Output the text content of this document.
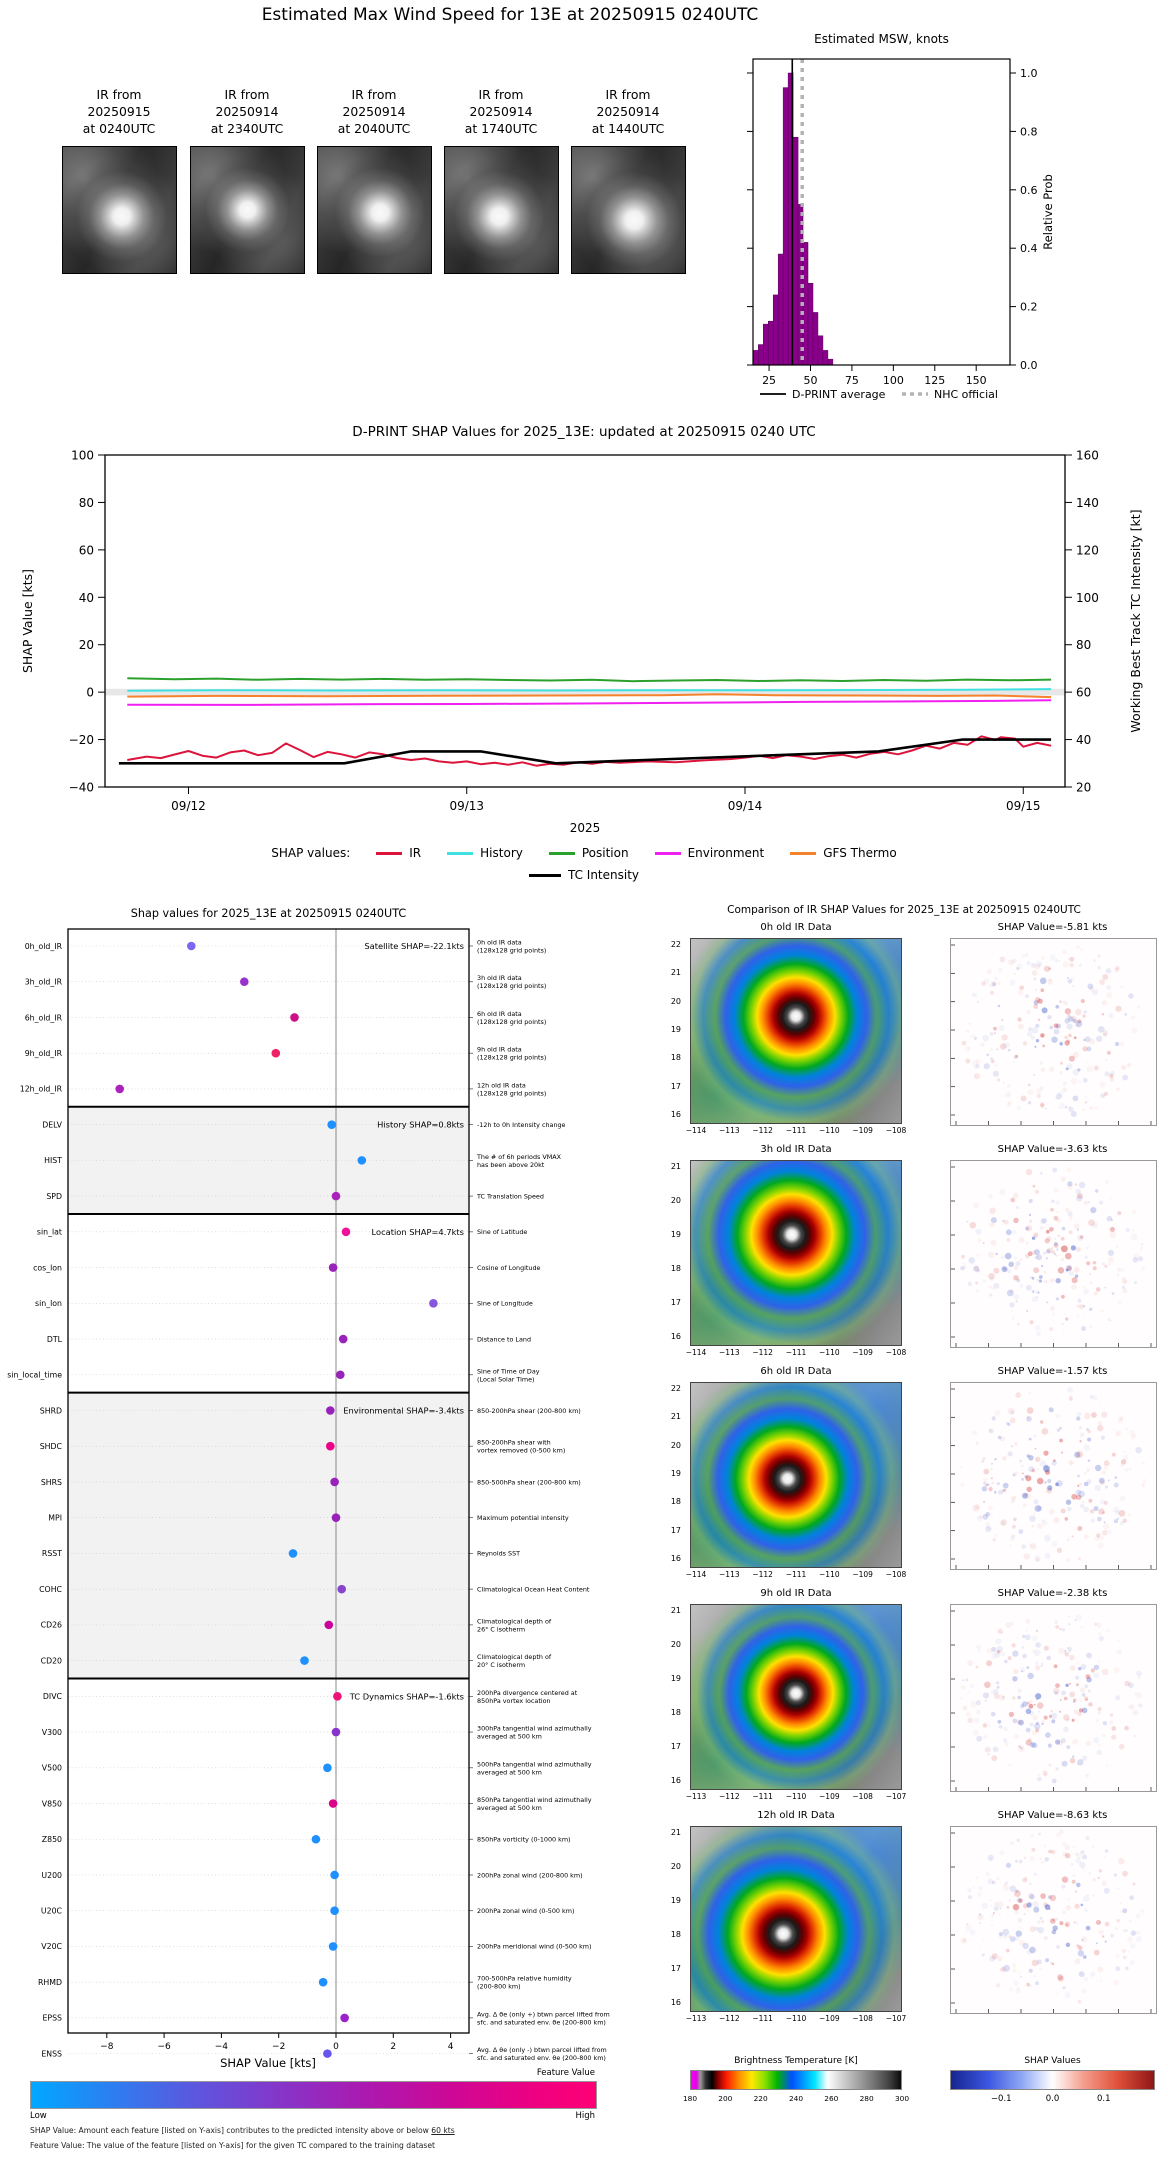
Estimated Max Wind Speed for 13E at 20250915 0240UTC
IR from
20250915
at 0240UTC
IR from
20250914
at 2340UTC
IR from
20250914
at 2040UTC
IR from
20250914
at 1740UTC
IR from
20250914
at 1440UTC
Estimated MSW, knots
25 50 75 100 125 150
0.0
0.2
0.4
0.6
0.8
1.0
Relative Prob
D-PRINT average	NHC official
D-PRINT SHAP Values for 2025_13E: updated at 20250915 0240 UTC
−40
−20
0
20
40
60
80
100
20
40
60
80
100
120
140
160
09/12	09/13	09/14	09/15
2025
SHAP Value [kts]	Working Best Track TC Intensity [kt]
SHAP values:	IR	History	Position	Environment	GFS Thermo
TC Intensity
Shap values for 2025_13E at 20250915 0240UTC
0h_old_IR	0h old IR data
(128x128 grid points)
3h_old_IR	3h old IR data
(128x128 grid points)
6h_old_IR	6h old IR data
(128x128 grid points)
9h_old_IR	9h old IR data
(128x128 grid points)
12h_old_IR	12h old IR data
(128x128 grid points)
DELV	-12h to 0h Intensity change
HIST	The # of 6h periods VMAX
has been above 20kt
SPD	TC Translation Speed
sin_lat	Sine of Latitude
cos_lon	Cosine of Longitude
sin_lon	Sine of Longitude
DTL	Distance to Land
sin_local_time	Sine of Time of Day
(Local Solar Time)
SHRD	850-200hPa shear (200-800 km)
SHDC	850-200hPa shear with
vortex removed (0-500 km)
SHRS	850-500hPa shear (200-800 km)
MPI	Maximum potential intensity
RSST	Reynolds SST
COHC	Climatological Ocean Heat Content
CD26	Climatological depth of
26° C isotherm
CD20	Climatological depth of
20° C isotherm
DIVC	200hPa divergence centered at
850hPa vortex location
V300	300hPa tangential wind azimuthally
averaged at 500 km
V500	500hPa tangential wind azimuthally
averaged at 500 km
V850	850hPa tangential wind azimuthally
averaged at 500 km
Z850	850hPa vorticity (0-1000 km)
U200	200hPa zonal wind (200-800 km)
U20C	200hPa zonal wind (0-500 km)
V20C	200hPa meridional wind (0-500 km)
RHMD	700-500hPa relative humidity
(200-800 km)
EPSS	Avg. Δ θe (only +) btwn parcel lifted from
sfc. and saturated env. θe (200-800 km)
ENSS	Avg. Δ θe (only -) btwn parcel lifted from
sfc. and saturated env. θe (200-800 km)
Satellite SHAP=-22.1kts
History SHAP=0.8kts
Location SHAP=4.7kts
Environmental SHAP=-3.4kts
TC Dynamics SHAP=-1.6kts
−8	−6	−4	−2	0	2	4
SHAP Value [kts]
Feature Value
Low	High
SHAP Value: Amount each feature [listed on Y-axis] contributes to the predicted intensity above or below 60 kts
Feature Value: The value of the feature [listed on Y-axis] for the given TC compared to the training dataset
Comparison of IR SHAP Values for 2025_13E at 20250915 0240UTC
0h old IR Data	SHAP Value=-5.81 kts
3h old IR Data	SHAP Value=-3.63 kts
6h old IR Data	SHAP Value=-1.57 kts
9h old IR Data	SHAP Value=-2.38 kts
12h old IR Data	SHAP Value=-8.63 kts
22
21
20
19
18
17
16
−114 −113 −112 −111 −110 −109 −108
21
20
19
18
17
16
−114 −113 −112 −111 −110 −109 −108
22
21
20
19
18
17
16
−114 −113 −112 −111 −110 −109 −108
21
20
19
18
17
16
−113 −112 −111 −110 −109 −108 −107
21
20
19
18
17
16
−113 −112 −111 −110 −109 −108 −107
Brightness Temperature [K]
180	200	220	240	260	280	300
SHAP Values
−0.1	0.0	0.1
